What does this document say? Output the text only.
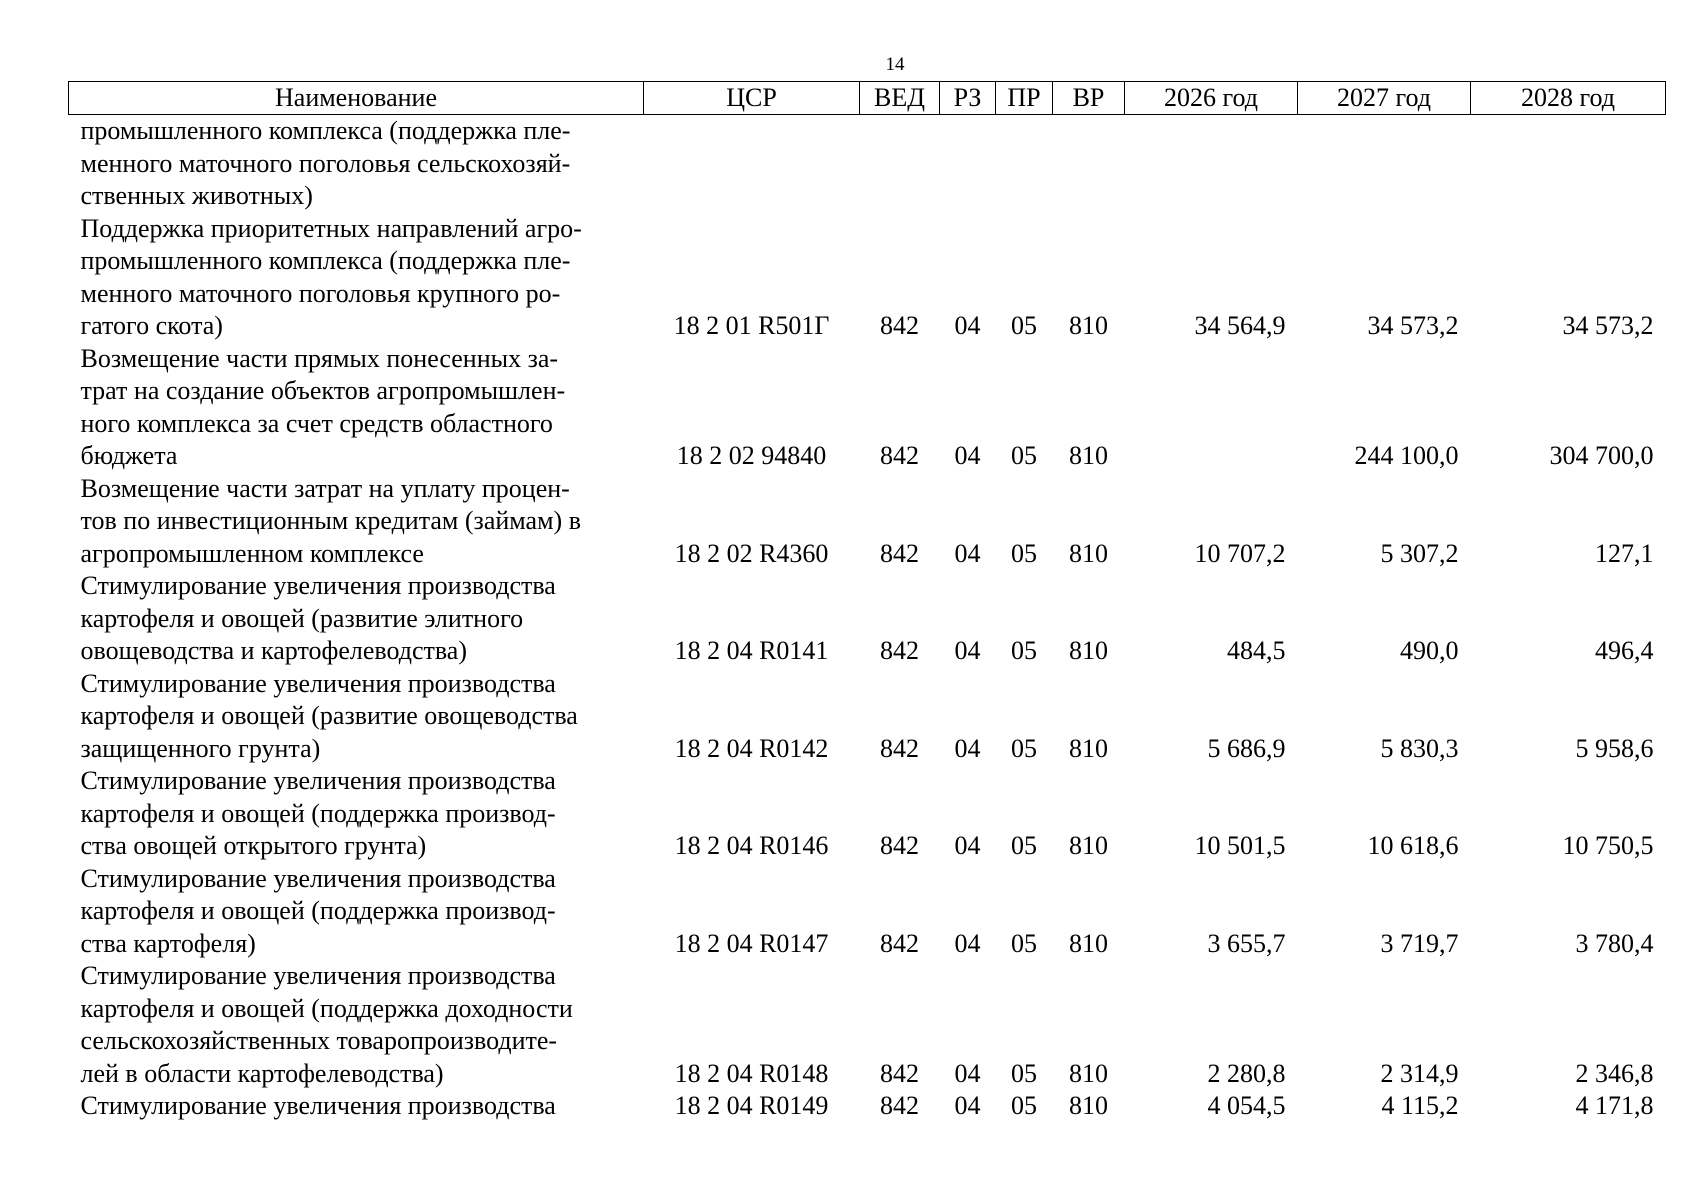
14
Наименование	ЦСР	ВЕД	РЗ	ПР	ВР	2026 год	2027 год	2028 год

промышленного комплекса (поддержка пле-
менного маточного поголовья сельскохозяй-
ственных животных)								

Поддержка приоритетных направлений агро-
промышленного комплекса (поддержка пле-
менного маточного поголовья крупного ро-
гатого скота)	18 2 01 R501Г	842	04	05	810	34 564,9	34 573,2	34 573,2

Возмещение части прямых понесенных за-
трат на создание объектов агропромышлен-
ного комплекса за счет средств областного
бюджета	18 2 02 94840	842	04	05	810		244 100,0	304 700,0

Возмещение части затрат на уплату процен-
тов по инвестиционным кредитам (займам) в
агропромышленном комплексе	18 2 02 R4360	842	04	05	810	10 707,2	5 307,2	127,1

Стимулирование увеличения производства
картофеля и овощей (развитие элитного
овощеводства и картофелеводства)	18 2 04 R0141	842	04	05	810	484,5	490,0	496,4

Стимулирование увеличения производства
картофеля и овощей (развитие овощеводства
защищенного грунта)	18 2 04 R0142	842	04	05	810	5 686,9	5 830,3	5 958,6

Стимулирование увеличения производства
картофеля и овощей (поддержка производ-
ства овощей открытого грунта)	18 2 04 R0146	842	04	05	810	10 501,5	10 618,6	10 750,5

Стимулирование увеличения производства
картофеля и овощей (поддержка производ-
ства картофеля)	18 2 04 R0147	842	04	05	810	3 655,7	3 719,7	3 780,4

Стимулирование увеличения производства
картофеля и овощей (поддержка доходности
сельскохозяйственных товаропроизводите-
лей в области картофелеводства)	18 2 04 R0148	842	04	05	810	2 280,8	2 314,9	2 346,8

Стимулирование увеличения производства	18 2 04 R0149	842	04	05	810	4 054,5	4 115,2	4 171,8
